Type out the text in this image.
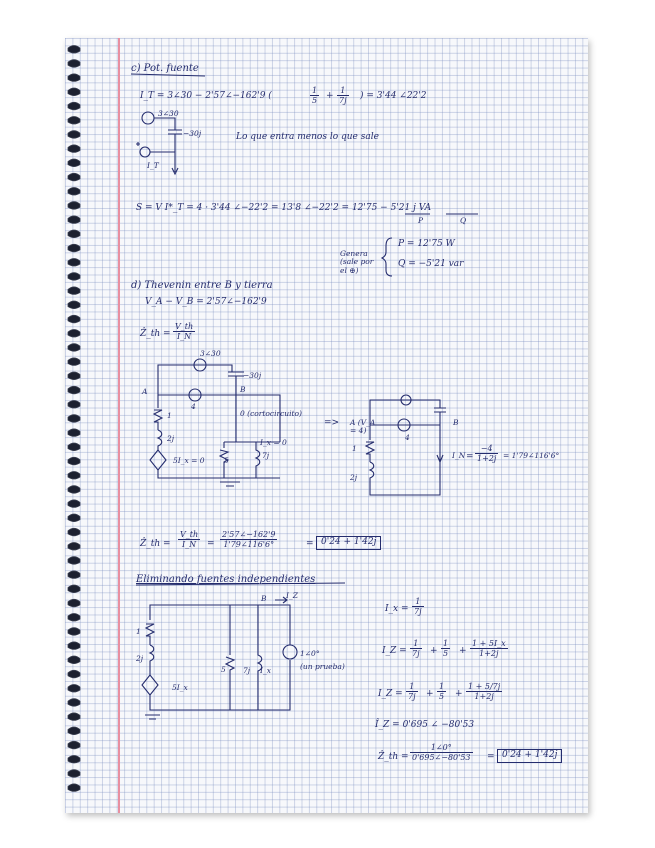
c) Pot. fuente
I_T = 3∠30 − 2'57∠−162'9 (	$\frac{1}{5} + \frac{1}{7j}$ ) = 3'44 ∠22'2
3∠30
−30j
I_T
Lo que entra menos lo que sale
S = V I*_T = 4 · 3'44 ∠−22'2 = 13'8 ∠−22'2 = 12'75 − 5'21 j VA
P	Q
Genera (sale por el ⊕)
P = 12'75 W
Q = −5'21 var
d) Thevenin entre B y tierra
V_A − V_B = 2'57∠−162'9
Ẑ_th = $\frac{V\_th}{I\_N}$
3∠30
−30j
A	B
4
1
2j
5I_x = 0	5
7j
I_x = 0
0 (cortocircuito)
=> A (V_A = 4)
B
1
2j
4
I_N = $\frac{-4}{1+2j}$ = 1'79∠116'6°
Ẑ_th = $\frac{V\_th}{I\_N} = \frac{2'57\angle-162'9}{1'79\angle 116'6^\circ}$	= 0'24 + 1'42j
Eliminando fuentes independientes
B	I_Z
1
2j
5I_x
5 7j I_x
1∠0°
(un prueba)
I_x = $\frac{1}{7j}$
I_Z = $\frac{1}{7j} + \frac{1}{5} + \frac{1 + 5I\_x}{1+2j}$
I_Z = $\frac{1}{7j} + \frac{1}{5} + \frac{1 + 5/7j}{1+2j}$
Î_Z = 0'695 ∠ −80'53
Ẑ_th = $\frac{1\angle 0^\circ}{0'695\angle-80'53} = 0'24 + 1'42j$
